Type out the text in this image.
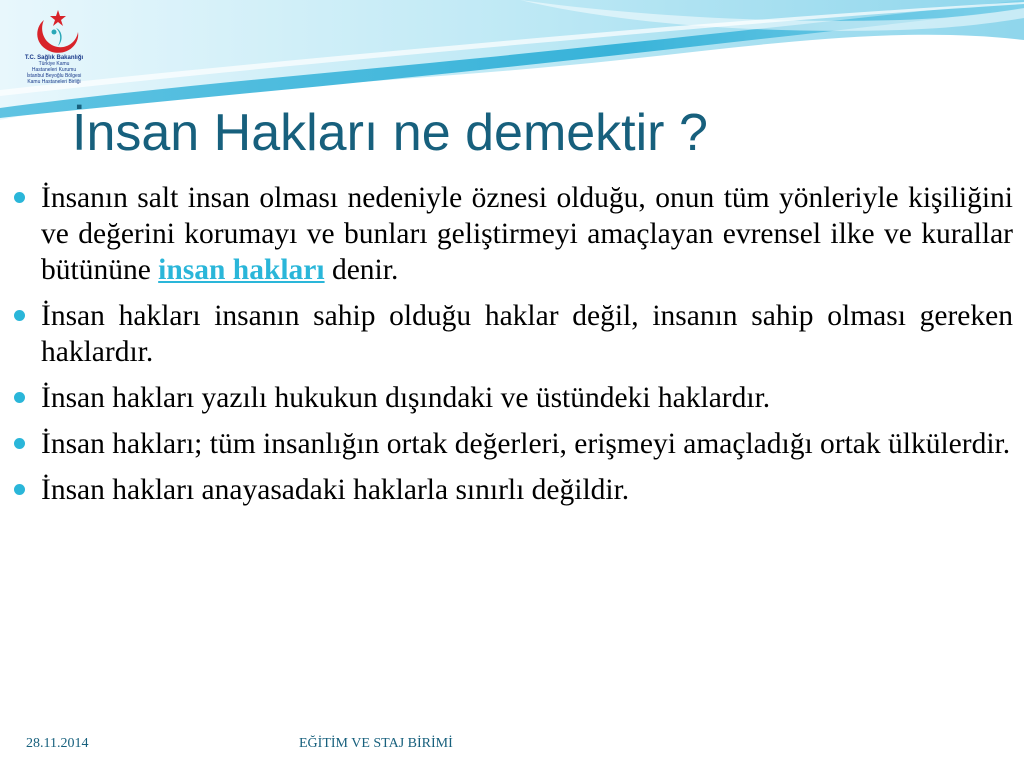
T.C. Sağlık Bakanlığı
Türkiye Kamu
Hastaneleri Kurumu
İstanbul Beyoğlu Bölgesi
Kamu Hastaneleri Birliği
İnsan Hakları ne demektir ?
İnsanın salt insan olması nedeniyle öznesi olduğu, onun tüm yönleriyle kişiliğini ve değerini korumayı ve bunları geliştirmeyi amaçlayan evrensel ilke ve kurallar bütününe insan hakları denir.
İnsan hakları insanın sahip olduğu haklar değil, insanın sahip olması gereken haklardır.
İnsan hakları yazılı hukukun dışındaki ve üstündeki haklardır.
İnsan hakları; tüm insanlığın ortak değerleri, erişmeyi amaçladığı ortak ülkülerdir.
İnsan hakları anayasadaki haklarla sınırlı değildir.
28.11.2014	EĞİTİM VE STAJ BİRİMİ
